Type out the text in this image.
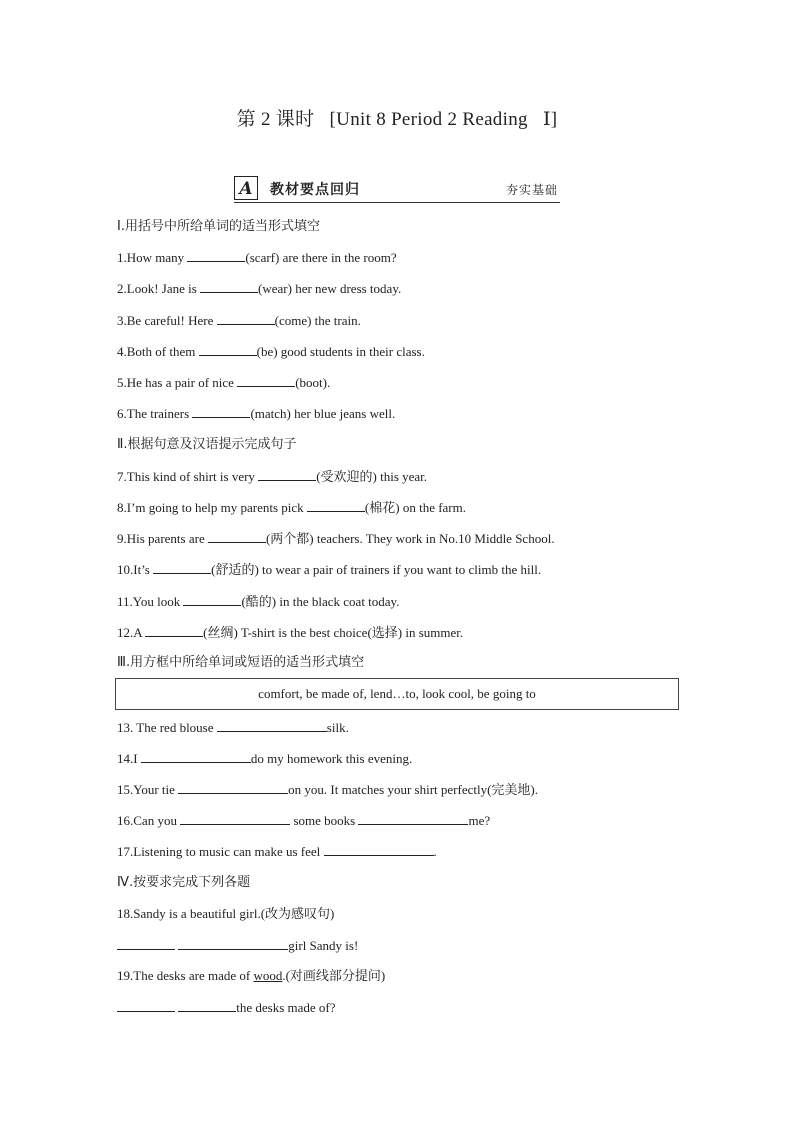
第 2 课时   [Unit 8 Period 2 Reading   Ⅰ]
A	教材要点回归	夯实基础
Ⅰ.用括号中所给单词的适当形式填空
1.How many	(scarf) are there in the room?
2.Look! Jane is	(wear) her new dress today.
3.Be careful! Here	(come) the train.
4.Both of them	(be) good students in their class.
5.He has a pair of nice	(boot).
6.The trainers	(match) her blue jeans well.
Ⅱ.根据句意及汉语提示完成句子
7.This kind of shirt is very	(受欢迎的) this year.
8.I’m going to help my parents pick	(棉花) on the farm.
9.His parents are	(两个都) teachers. They work in No.10 Middle School.
10.It’s	(舒适的) to wear a pair of trainers if you want to climb the hill.
11.You look	(酷的) in the black coat today.
12.A	(丝绸) T-shirt is the best choice(选择) in summer.
Ⅲ.用方框中所给单词或短语的适当形式填空
comfort, be made of, lend…to, look cool, be going to
13. The red blouse	silk.
14.I	do my homework this evening.
15.Your tie	on you. It matches your shirt perfectly(完美地).
16.Can you	some books	me?
17.Listening to music can make us feel	.
Ⅳ.按要求完成下列各题
18.Sandy is a beautiful girl.(改为感叹句)
girl Sandy is!
19.The desks are made of wood.(对画线部分提问)
the desks made of?
